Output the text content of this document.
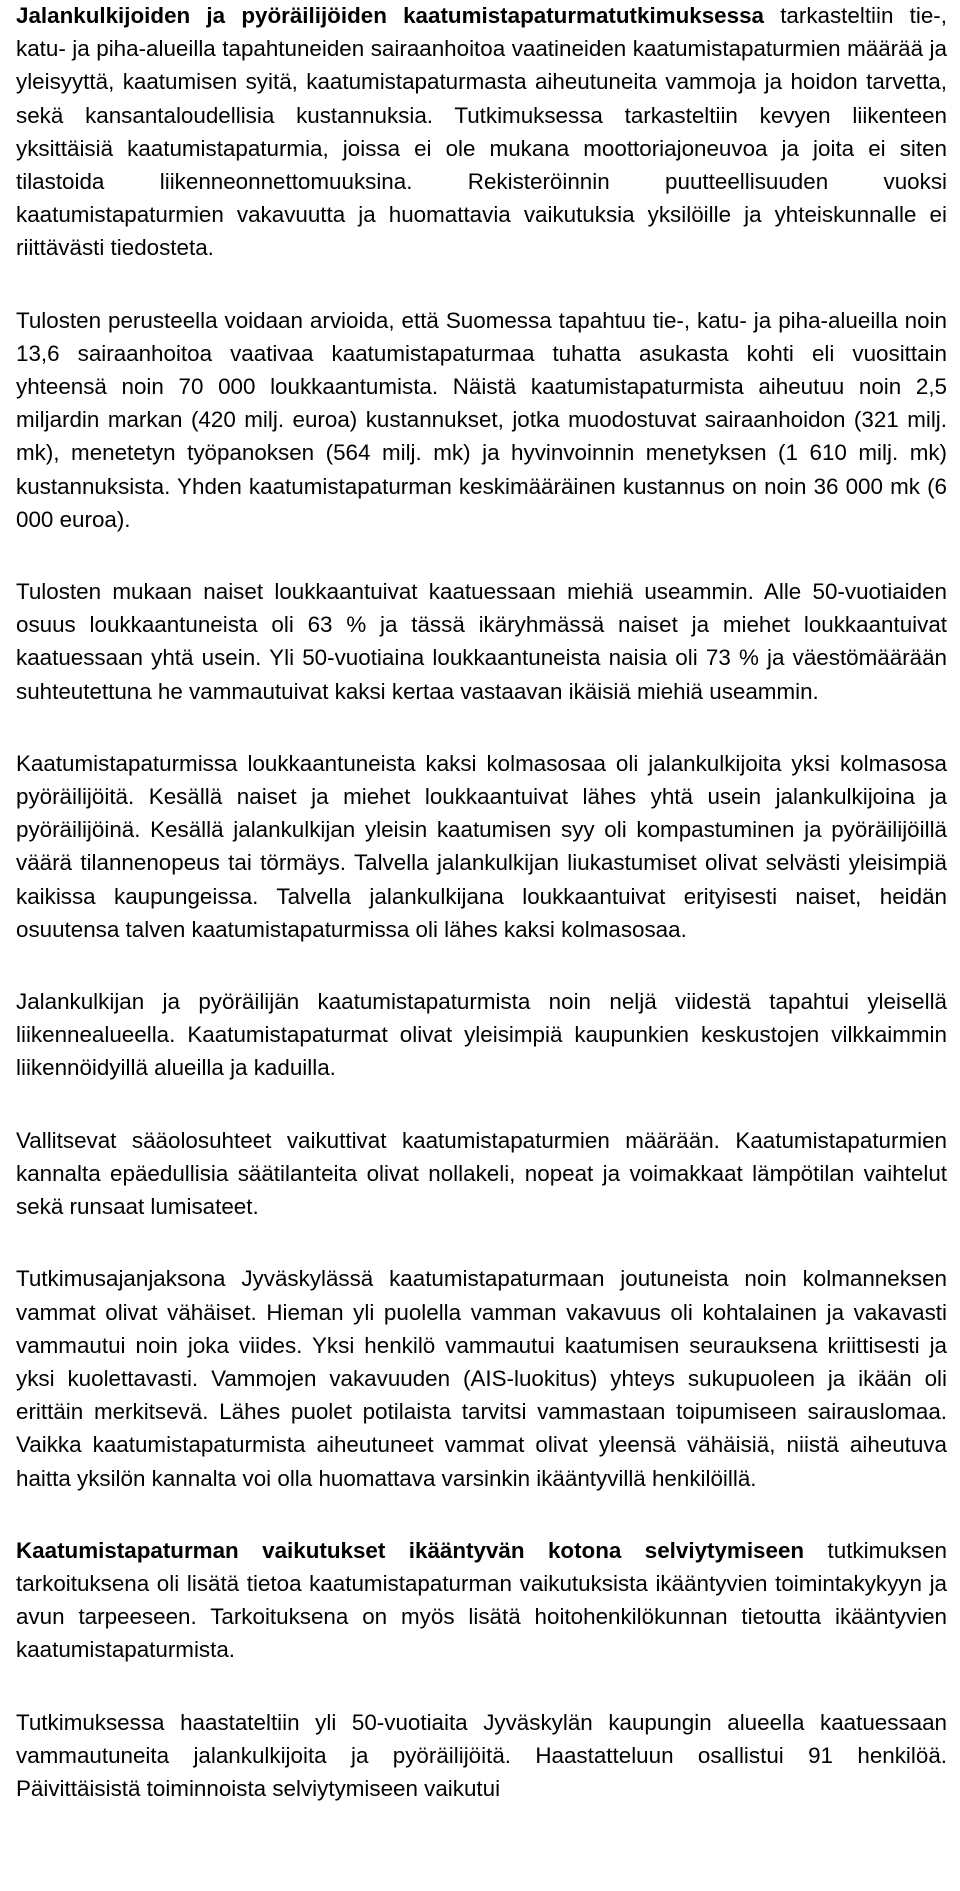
Jalankulkijoiden ja pyöräilijöiden kaatumistapaturmatutkimuksessa tarkasteltiin tie-, katu- ja piha-alueilla tapahtuneiden sairaanhoitoa vaatineiden kaatumistapaturmien määrää ja yleisyyttä, kaatumisen syitä, kaatumistapaturmasta aiheutuneita vammoja ja hoidon tarvetta, sekä kansantaloudellisia kustannuksia. Tutkimuksessa tarkasteltiin kevyen liikenteen yksittäisiä kaatumistapaturmia, joissa ei ole mukana moottoriajoneuvoa ja joita ei siten tilastoida liikenneonnettomuuksina. Rekisteröinnin puutteellisuuden vuoksi kaatumistapaturmien vakavuutta ja huomattavia vaikutuksia yksilöille ja yhteiskunnalle ei riittävästi tiedosteta.

Tulosten perusteella voidaan arvioida, että Suomessa tapahtuu tie-, katu- ja piha-alueilla noin 13,6 sairaanhoitoa vaativaa kaatumistapaturmaa tuhatta asukasta kohti eli vuosittain yhteensä noin 70 000 loukkaantumista. Näistä kaatumistapaturmista aiheutuu noin 2,5 miljardin markan (420 milj. euroa) kustannukset, jotka muodostuvat sairaanhoidon (321 milj. mk), menetetyn työpanoksen (564 milj. mk) ja hyvinvoinnin menetyksen (1 610 milj. mk) kustannuksista. Yhden kaatumistapaturman keskimääräinen kustannus on noin 36 000 mk (6 000 euroa).

Tulosten mukaan naiset loukkaantuivat kaatuessaan miehiä useammin. Alle 50-vuotiaiden osuus loukkaantuneista oli 63 % ja tässä ikäryhmässä naiset ja miehet loukkaantuivat kaatuessaan yhtä usein. Yli 50-vuotiaina loukkaantuneista naisia oli 73 % ja väestömäärään suhteutettuna he vammautuivat kaksi kertaa vastaavan ikäisiä miehiä useammin.

Kaatumistapaturmissa loukkaantuneista kaksi kolmasosaa oli jalankulkijoita yksi kolmasosa pyöräilijöitä. Kesällä naiset ja miehet loukkaantuivat lähes yhtä usein jalankulkijoina ja pyöräilijöinä. Kesällä jalankulkijan yleisin kaatumisen syy oli kompastuminen ja pyöräilijöillä väärä tilannenopeus tai törmäys. Talvella jalankulkijan liukastumiset olivat selvästi yleisimpiä kaikissa kaupungeissa. Talvella jalankulkijana loukkaantuivat erityisesti naiset, heidän osuutensa talven kaatumistapaturmissa oli lähes kaksi kolmasosaa.

Jalankulkijan ja pyöräilijän kaatumistapaturmista noin neljä viidestä tapahtui yleisellä liikennealueella. Kaatumistapaturmat olivat yleisimpiä kaupunkien keskustojen vilkkaimmin liikennöidyillä alueilla ja kaduilla.

Vallitsevat sääolosuhteet vaikuttivat kaatumistapaturmien määrään. Kaatumistapaturmien kannalta epäedullisia säätilanteita olivat nollakeli, nopeat ja voimakkaat lämpötilan vaihtelut sekä runsaat lumisateet.

Tutkimusajanjaksona Jyväskylässä kaatumistapaturmaan joutuneista noin kolmanneksen vammat olivat vähäiset. Hieman yli puolella vamman vakavuus oli kohtalainen ja vakavasti vammautui noin joka viides. Yksi henkilö vammautui kaatumisen seurauksena kriittisesti ja yksi kuolettavasti. Vammojen vakavuuden (AIS-luokitus) yhteys sukupuoleen ja ikään oli erittäin merkitsevä. Lähes puolet potilaista tarvitsi vammastaan toipumiseen sairauslomaa. Vaikka kaatumistapaturmista aiheutuneet vammat olivat yleensä vähäisiä, niistä aiheutuva haitta yksilön kannalta voi olla huomattava varsinkin ikääntyvillä henkilöillä.

Kaatumistapaturman vaikutukset ikääntyvän kotona selviytymiseen tutkimuksen tarkoituksena oli lisätä tietoa kaatumistapaturman vaikutuksista ikääntyvien toimintakykyyn ja avun tarpeeseen. Tarkoituksena on myös lisätä hoitohenkilökunnan tietoutta ikääntyvien kaatumistapaturmista.

Tutkimuksessa haastateltiin yli 50-vuotiaita Jyväskylän kaupungin alueella kaatuessaan vammautuneita jalankulkijoita ja pyöräilijöitä. Haastatteluun osallistui 91 henkilöä. Päivittäisistä toiminnoista selviytymiseen vaikutui
